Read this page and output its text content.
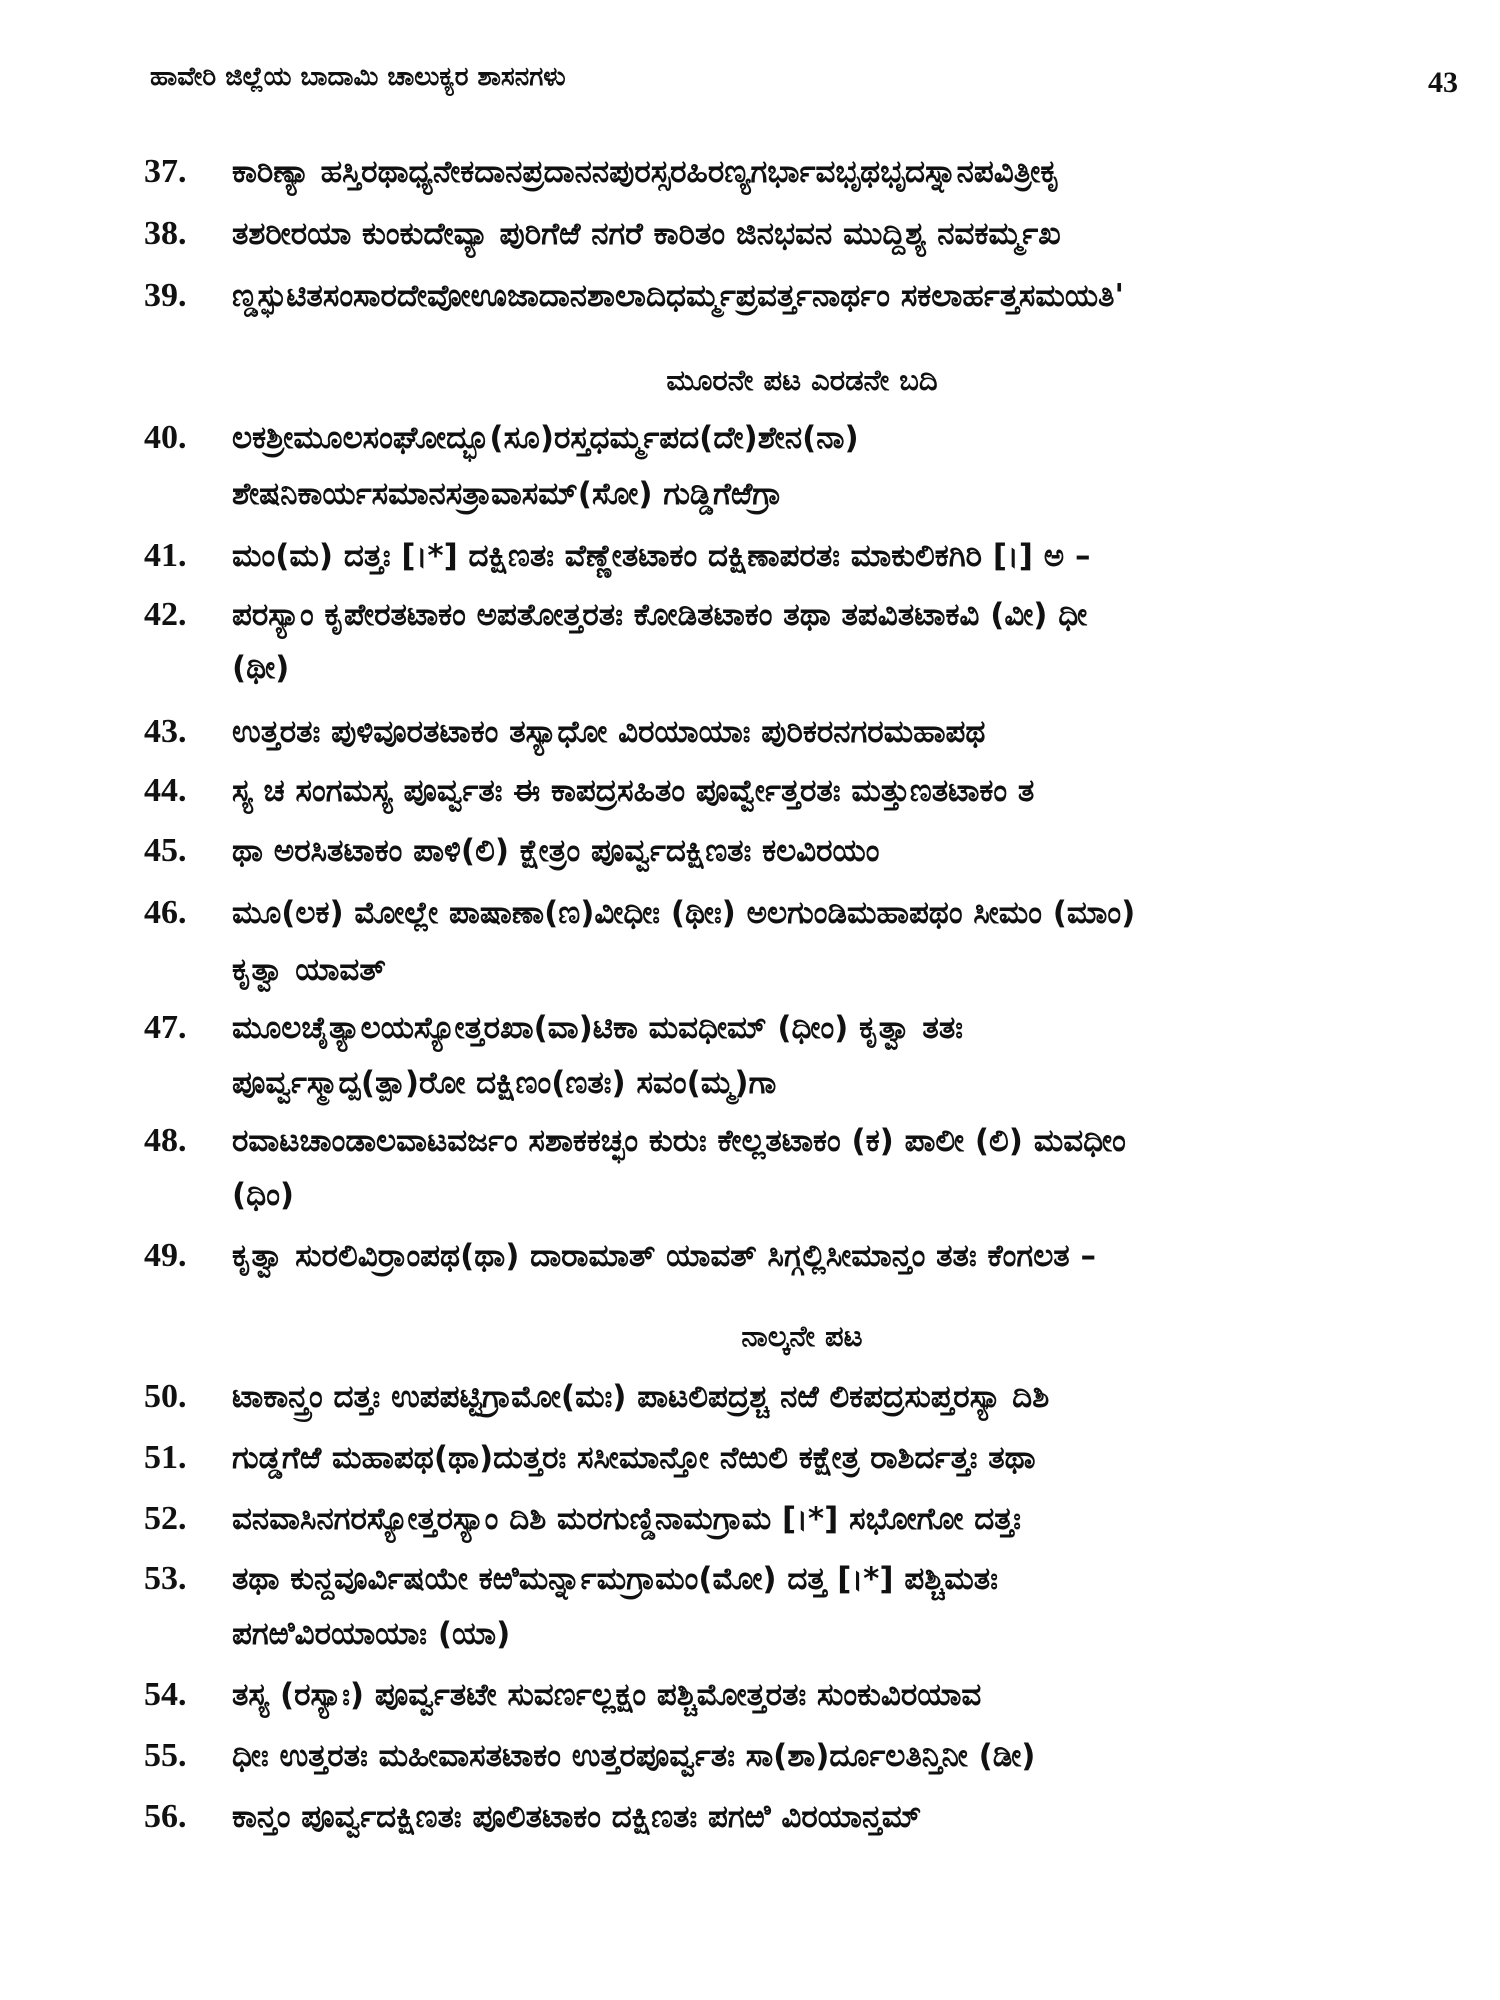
ಹಾವೇರಿ ಜಿಲ್ಲೆಯ ಬಾದಾಮಿ ಚಾಲುಕ್ಯರ ಶಾಸನಗಳು	43
37. ಕಾರಿಣ್ಯಾ ಹಸ್ತಿರಥಾಧ್ಯನೇಕದಾನಪ್ರದಾನನಪುರಸ್ಸರಹಿರಣ್ಯಗರ್ಭಾವಭೃಥಭೃದಸ್ನಾನಪವಿತ್ರೀಕೃ
38. ತಶರೀರಯಾ ಕುಂಕುದೇವ್ಯಾ ಪುರಿಗೆಱೆ ನಗರೆ ಕಾರಿತಂ ಜಿನಭವನ ಮುದ್ದಿಶ್ಯ ನವಕರ್ಮ್ಮಖ
39. ಣ್ಡಸ್ಫುಟಿತಸಂಸಾರದೇವೋಊಜಾದಾನಶಾಲಾದಿಧರ್ಮ್ಮಪ್ರವರ್ತ್ತನಾರ್ಥಂ ಸಕಲಾರ್ಹತ್ತಸಮಯತಿ'
ಮೂರನೇ ಪಟ ಎರಡನೇ ಬದಿ
40. ಲಕಶ್ರೀಮೂಲಸಂಘೋದ್ಭೂ(ಸೂ)ರಸ್ತಧರ್ಮ್ಮಪದ(ದೇ)ಶೇನ(ನಾ)
ಶೇಷನಿಕಾರ್ಯಸಮಾನಸತ್ರಾವಾಸಮ್(ಸೋ) ಗುಡ್ಡಿಗೆಱೆಗ್ರಾ
41. ಮಂ(ಮ) ದತ್ತಃ [।*] ದಕ್ಷಿಣತಃ ವೆಣ್ಣೇತಟಾಕಂ ದಕ್ಷಿಣಾಪರತಃ ಮಾಕುಲಿಕಗಿರಿ [।] ಅ –
42. ಪರಸ್ಯಾಂ ಕೃಪೇರತಟಾಕಂ ಅಪತೋತ್ತರತಃ ಕೋಡಿತಟಾಕಂ ತಥಾ ತಪವಿತಟಾಕವಿ (ವೀ) ಧೀ
(ಥೀ)
43. ಉತ್ತರತಃ ಪುಳಿವೂರತಟಾಕಂ ತಸ್ಯಾಧೋ ವಿರಯಾಯಾಃ ಪುರಿಕರನಗರಮಹಾಪಥ
44. ಸ್ಯ ಚ ಸಂಗಮಸ್ಯ ಪೂರ್ವ್ವತಃ ಈ ಕಾಪದ್ರಸಹಿತಂ ಪೂರ್ವ್ವೇತ್ತರತಃ ಮತ್ತುಣತಟಾಕಂ ತ
45. ಥಾ ಅರಸಿತಟಾಕಂ ಪಾಳಿ(ಲಿ) ಕ್ಷೇತ್ರಂ ಪೂರ್ವ್ವದಕ್ಷಿಣತಃ ಕಲವಿರಯಂ
46. ಮೂ(ಲಕ) ಮೋಲ್ಲೇ ಪಾಷಾಣಾ(ಣ)ವೀಧೀಃ (ಥೀಃ) ಅಲಗುಂಡಿಮಹಾಪಥಂ ಸೀಮಂ (ಮಾಂ)
ಕೃತ್ವಾ ಯಾವತ್
47. ಮೂಲಚೈತ್ಯಾಲಯಸ್ಯೋತ್ತರಖಾ(ವಾ)ಟಿಕಾ ಮವಧೀಮ್ (ಧೀಂ) ಕೃತ್ವಾ ತತಃ
ಪೂರ್ವ್ವಸ್ಮಾದ್ಪ(ತ್ಪಾ)ರೋ ದಕ್ಷಿಣಂ(ಣತಃ) ಸವಂ(ಮ್ಮ)ಗಾ
48. ರವಾಟಚಾಂಡಾಲವಾಟವರ್ಜಂ ಸಶಾಕಕಚ್ಛಂ ಕುರುಃ ಕೇಲ್ಲತಟಾಕಂ (ಕ) ಪಾಲೀ (ಲಿ) ಮವಧೀಂ
(ಧಿಂ)
49. ಕೃತ್ವಾ ಸುರಲಿವಿರ್ರಾಂಪಥ(ಥಾ) ದಾರಾಮಾತ್ ಯಾವತ್ ಸಿಗ್ಗಲ್ಲಿಸೀಮಾನ್ತಂ ತತಃ ಕೆಂಗಲತ –
ನಾಲ್ಕನೇ ಪಟ
50. ಟಾಕಾನ್ತ್ರಂ ದತ್ತಃ ಉಪಪಟ್ಟಿಗ್ರಾಮೋ(ಮಃ) ಪಾಟಲಿಪದ್ರಶ್ಚ ನಱೆ ಲಿಕಪದ್ರಸುಪ್ತರಸ್ಯಾ ದಿಶಿ
51. ಗುಡ್ಡಗೆಱೆ ಮಹಾಪಥ(ಥಾ)ದುತ್ತರಃ ಸಸೀಮಾನ್ತೋ ನೆಱುಲಿ ಕಕ್ಷೇತ್ರ ರಾಶಿರ್ದತ್ತಃ ತಥಾ
52. ವನವಾಸಿನಗರಸ್ಯೋತ್ತರಸ್ಯಾಂ ದಿಶಿ ಮರಗುಣ್ಡಿನಾಮಗ್ರಾಮ [।*] ಸಭೋಗೋ ದತ್ತಃ
53. ತಥಾ ಕುನ್ದವೂರ್ವಿಷಯೇ ಕಱಿಮರ್ನ್ನಾಮಗ್ರಾಮಂ(ಮೋ) ದತ್ತ [।*] ಪಶ್ಚಿಮತಃ
ಪಗಱಿವಿರಯಾಯಾಃ (ಯಾ)
54. ತಸ್ಯ (ರಸ್ಯಾಃ) ಪೂರ್ವ್ವತಟೇ ಸುವರ್ಣಲ್ಲಕ್ಷಂ ಪಶ್ಚಿಮೋತ್ತರತಃ ಸುಂಕುವಿರಯಾವ
55. ಧೀಃ ಉತ್ತರತಃ ಮಹೀವಾಸತಟಾಕಂ ಉತ್ತರಪೂರ್ವ್ವತಃ ಸಾ(ಶಾ)ರ್ದೂಲತಿನ್ತಿನೀ (ಡೀ)
56. ಕಾನ್ತಂ ಪೂರ್ವ್ವದಕ್ಷಿಣತಃ ಪೂಲಿತಟಾಕಂ ದಕ್ಷಿಣತಃ ಪಗಱಿ ವಿರಯಾನ್ತಮ್
